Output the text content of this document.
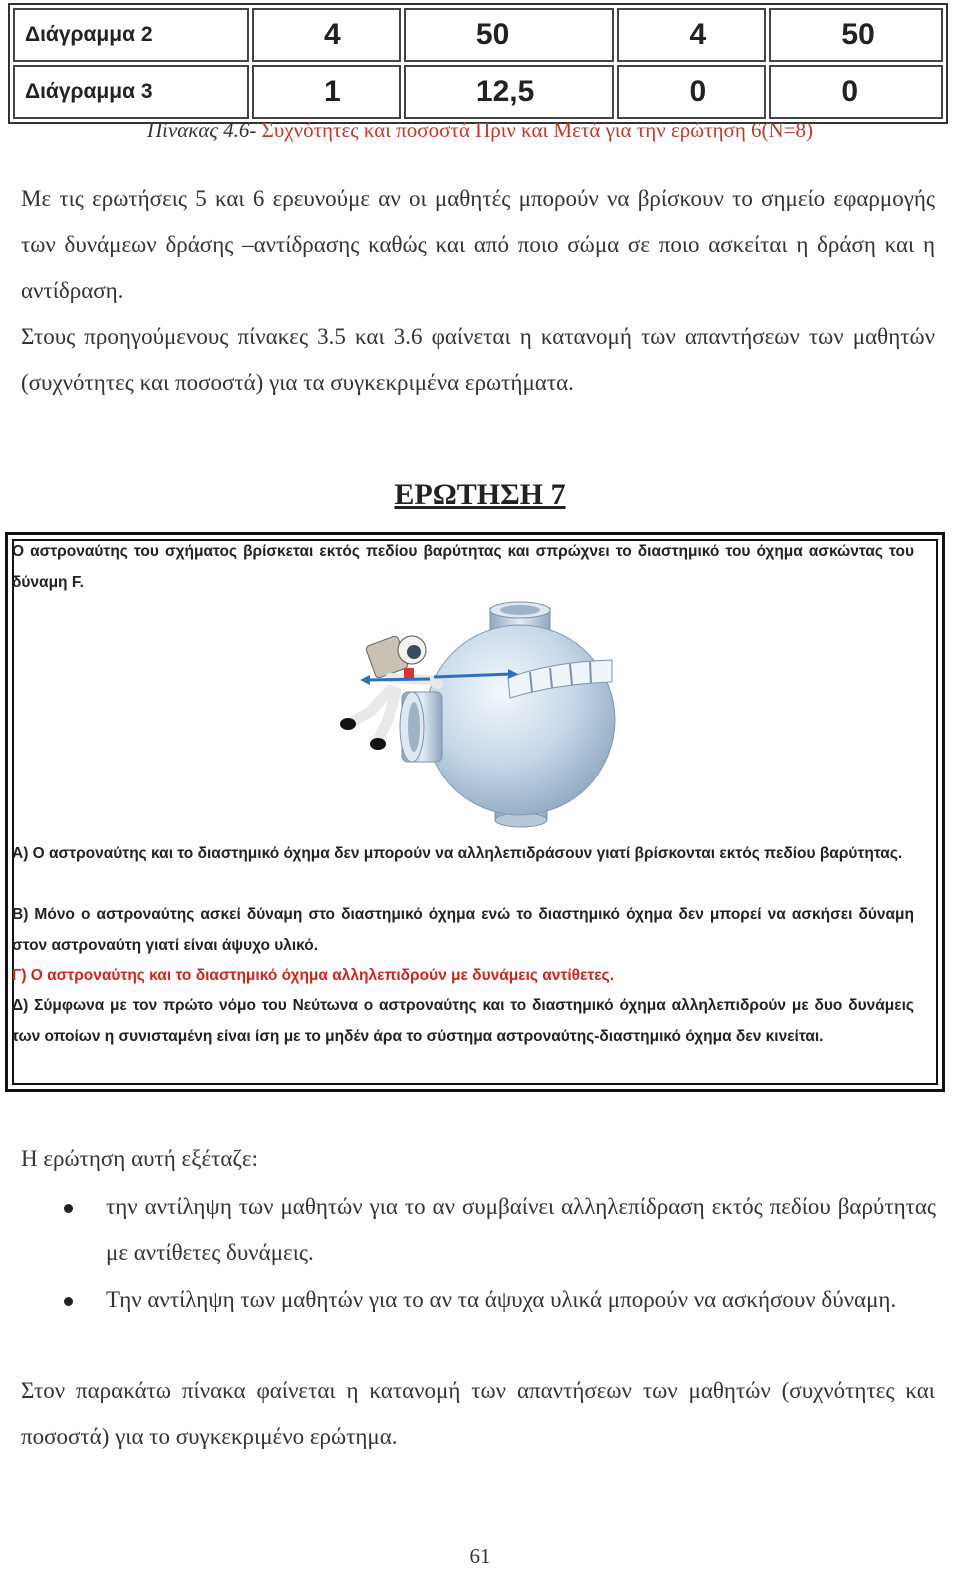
Διάγραμμα 2	4	50	4	50
Διάγραμμα 3	1	12,5	0	0
Πίνακας 4.6- Συχνότητες και ποσοστά Πριν και Μετά για την ερώτηση 6(Ν=8)

Με τις ερωτήσεις 5 και 6 ερευνούμε αν οι μαθητές μπορούν να βρίσκουν το σημείο εφαρμογής των δυνάμεων δράσης –αντίδρασης καθώς και από ποιο σώμα σε ποιο ασκείται η δράση και η αντίδραση.

Στους προηγούμενους πίνακες 3.5 και 3.6 φαίνεται η κατανομή των απαντήσεων των μαθητών (συχνότητες και ποσοστά) για τα συγκεκριμένα ερωτήματα.

ΕΡΩΤΗΣΗ 7
Ο αστροναύτης του σχήματος βρίσκεται εκτός πεδίου βαρύτητας και σπρώχνει το διαστημικό του όχημα ασκώντας του δύναμη F.
Α) Ο αστροναύτης και το διαστημικό όχημα δεν μπορούν να αλληλεπιδράσουν γιατί βρίσκονται εκτός πεδίου βαρύτητας.
Β) Μόνο ο αστροναύτης ασκεί δύναμη στο διαστημικό όχημα ενώ το διαστημικό όχημα δεν μπορεί να ασκήσει δύναμη στον αστροναύτη γιατί είναι άψυχο υλικό.
Γ) Ο αστροναύτης και το διαστημικό όχημα αλληλεπιδρούν με δυνάμεις αντίθετες.
Δ) Σύμφωνα με τον πρώτο νόμο του Νεύτωνα ο αστροναύτης και το διαστημικό όχημα αλληλεπιδρούν με δυο δυνάμεις των οποίων η συνισταμένη είναι ίση με το μηδέν άρα το σύστημα αστροναύτης-διαστημικό όχημα δεν κινείται.

Η ερώτηση αυτή εξέταζε:

την αντίληψη των μαθητών για το αν συμβαίνει αλληλεπίδραση εκτός πεδίου βαρύτητας με αντίθετες δυνάμεις.
Την αντίληψη των μαθητών για το αν τα άψυχα υλικά μπορούν να ασκήσουν δύναμη.

Στον παρακάτω πίνακα φαίνεται η κατανομή των απαντήσεων των μαθητών (συχνότητες και ποσοστά) για το συγκεκριμένο ερώτημα.

61
